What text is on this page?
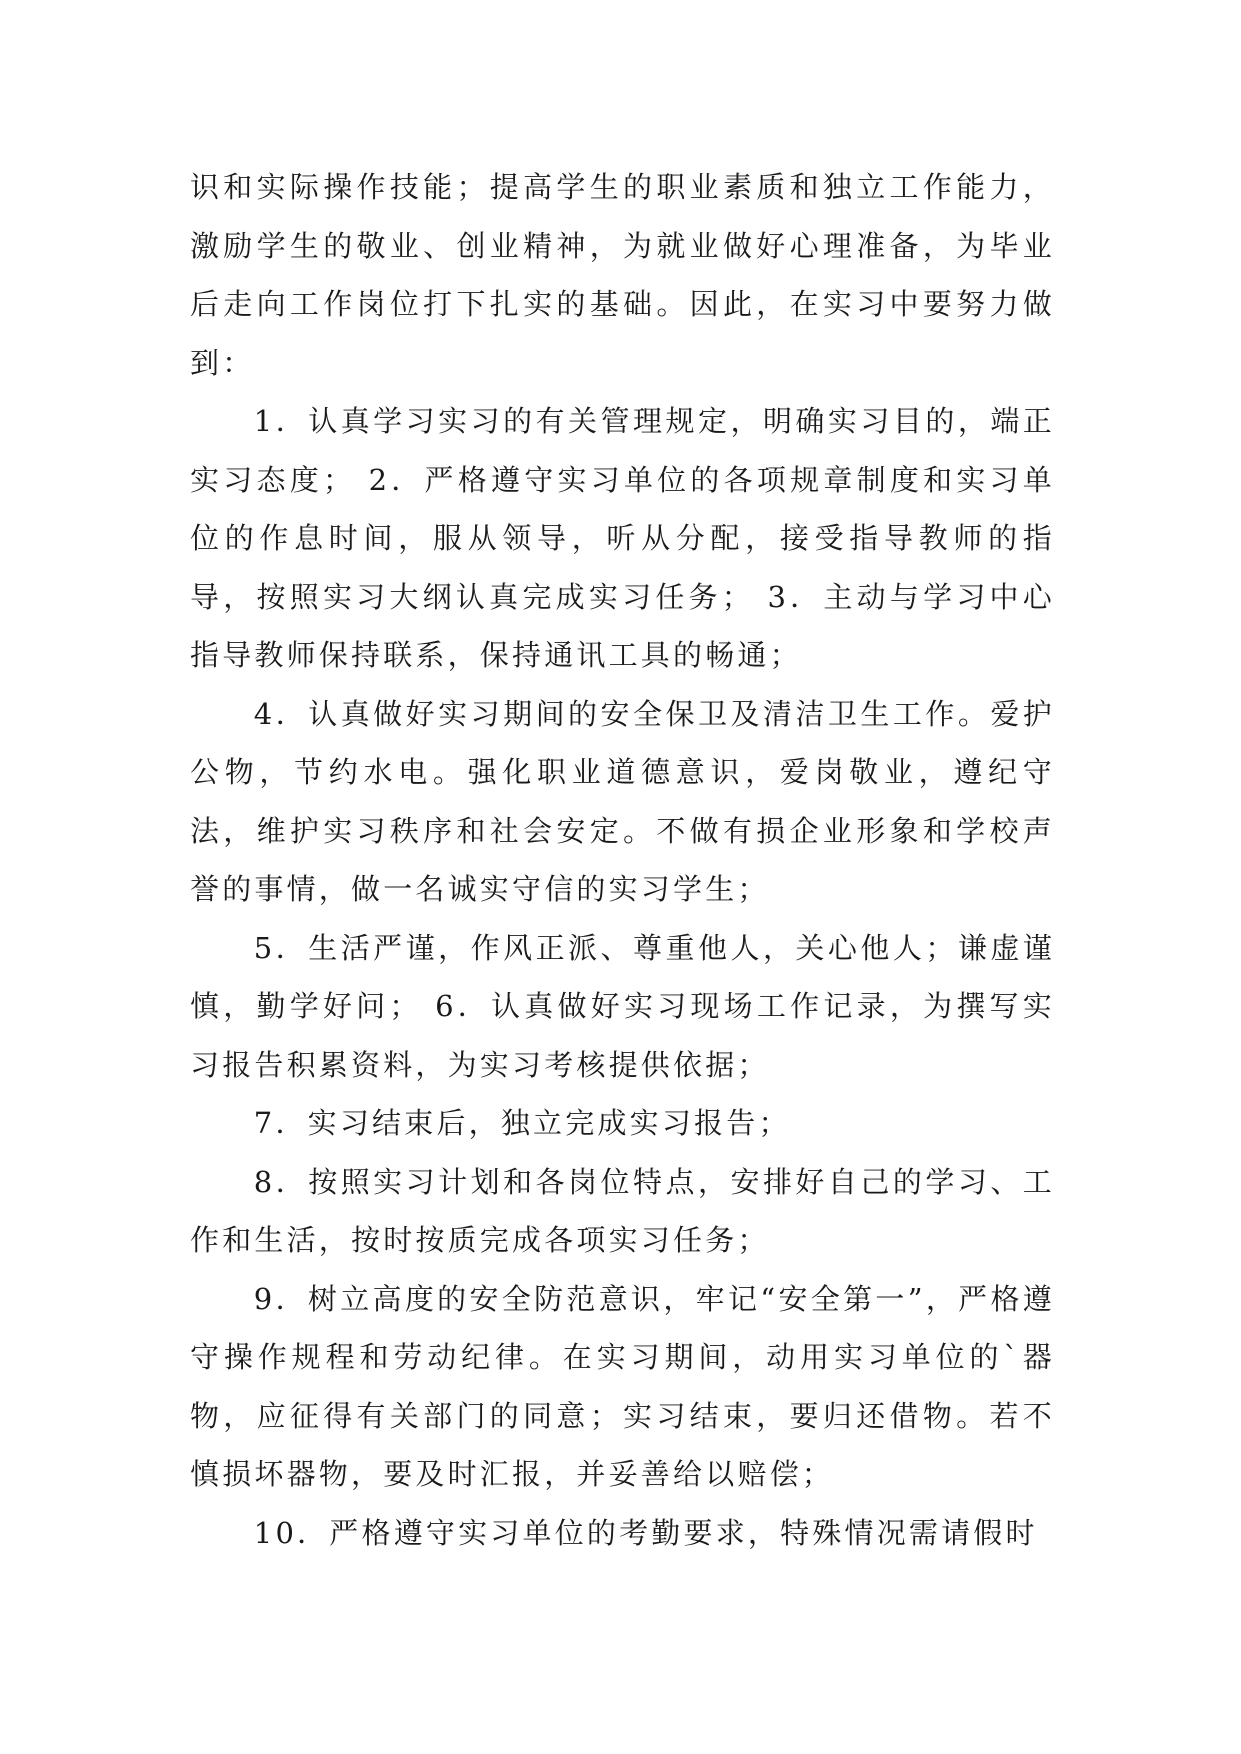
识和实际操作技能；提高学生的职业素质和独立工作能力，激励学生的敬业、创业精神，为就业做好心理准备，为毕业后走向工作岗位打下扎实的基础。因此，在实习中要努力做到：

1．认真学习实习的有关管理规定，明确实习目的，端正实习态度； 2．严格遵守实习单位的各项规章制度和实习单位的作息时间，服从领导，听从分配，接受指导教师的指导，按照实习大纲认真完成实习任务； 3．主动与学习中心指导教师保持联系，保持通讯工具的畅通；

4．认真做好实习期间的安全保卫及清洁卫生工作。爱护公物，节约水电。强化职业道德意识，爱岗敬业，遵纪守法，维护实习秩序和社会安定。不做有损企业形象和学校声誉的事情，做一名诚实守信的实习学生；

5．生活严谨，作风正派、尊重他人，关心他人；谦虚谨慎，勤学好问； 6．认真做好实习现场工作记录，为撰写实习报告积累资料，为实习考核提供依据；

7．实习结束后，独立完成实习报告；

8．按照实习计划和各岗位特点，安排好自己的学习、工作和生活，按时按质完成各项实习任务；

9．树立高度的安全防范意识，牢记“安全第一”，严格遵守操作规程和劳动纪律。在实习期间，动用实习单位的`器物，应征得有关部门的同意；实习结束，要归还借物。若不慎损坏器物，要及时汇报，并妥善给以赔偿；

10．严格遵守实习单位的考勤要求，特殊情况需请假时
